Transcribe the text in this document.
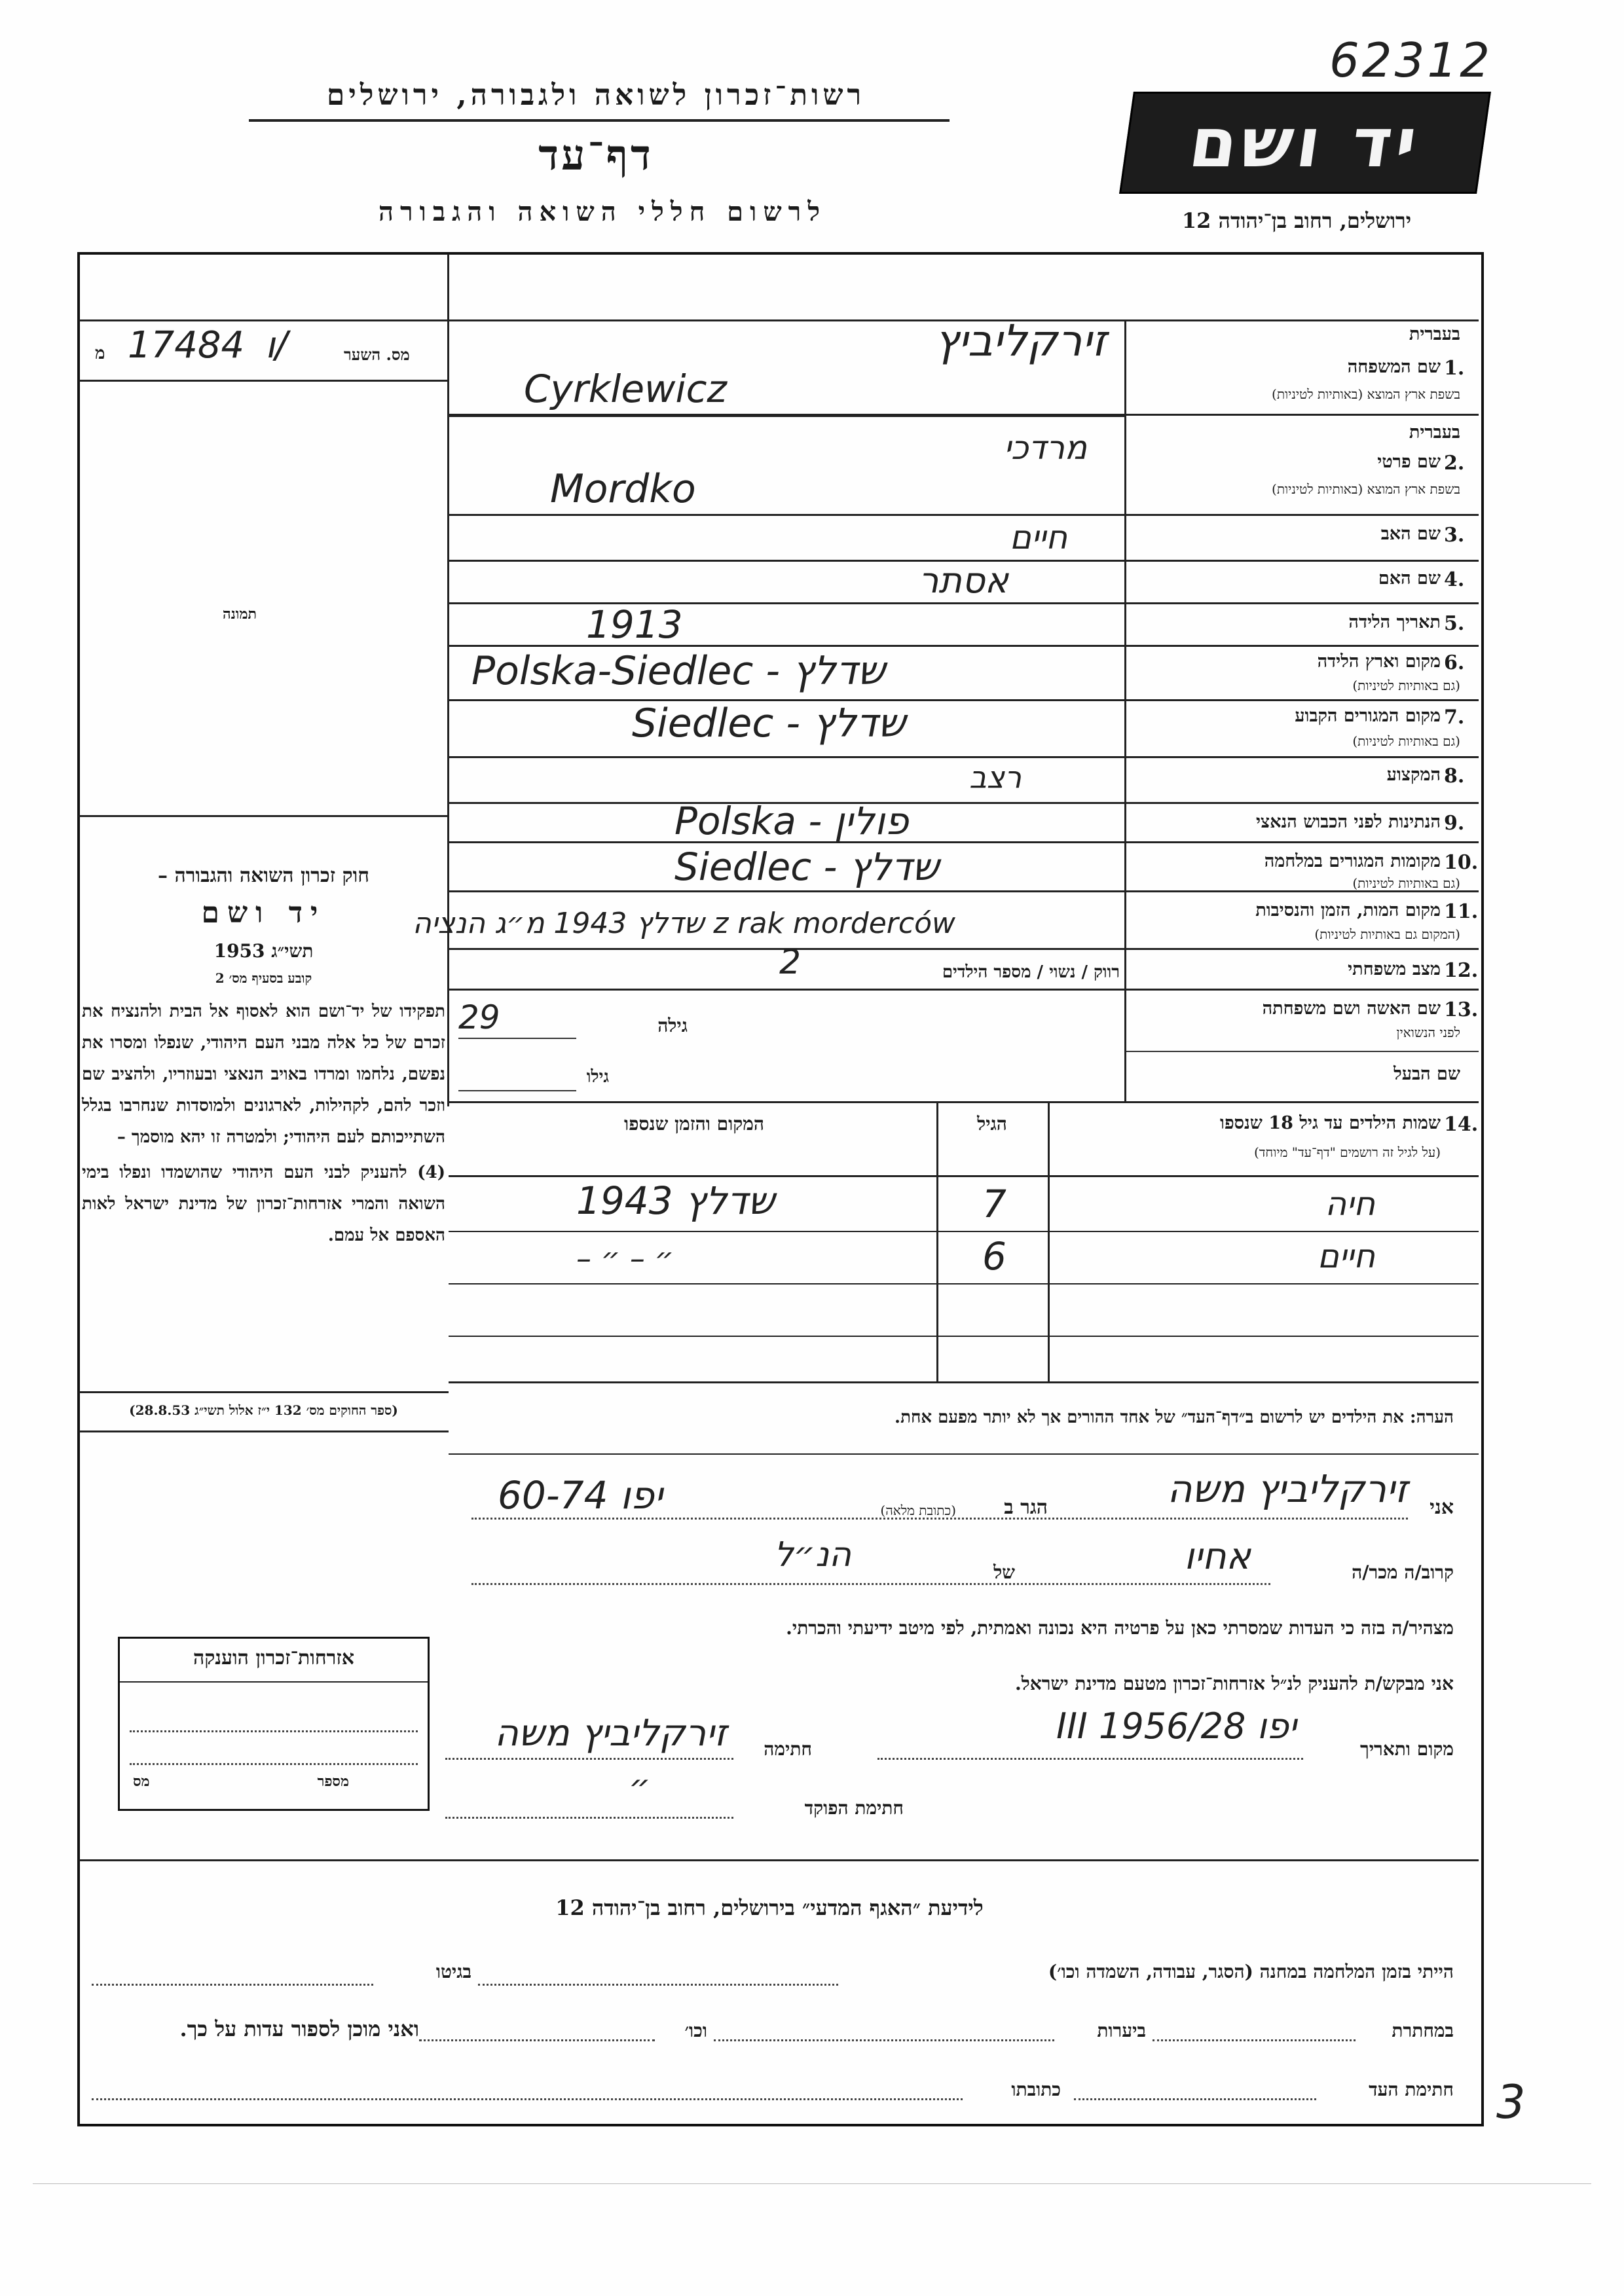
62312
רשות־זכרון לשואה ולגבורה, ירושלים
דף־עד
לרשום חללי השואה והגבורה
יד ושם
ירושלים, רחוב בן־יהודה 12
מ 17484 ו/	מס. השער
תמונה

חוק זכרון השואה והגבורה –

יד ושם

תשי״ג 1953

קובע בסעיף מס׳ 2

תפקידו של יד־ושם הוא לאסוף אל הבית ולהנציח את זכרם של כל אלה מבני העם היהודי, שנפלו ומסרו את נפשם, נלחמו ומרדו באויב הנאצי ובעוזריו, ולהציב שם וזכר להם, לקהילות, לארגונים ולמוסדות שנחרבו בגלל השתייכותם לעם היהודי; ולמטרה זו יהא מוסמך –

(4) להעניק לבני העם היהודי שהושמדו ונפלו בימי השואה והמרי אזרחות־זכרון של מדינת ישראל לאות האספם אל עמם.

(ספר החוקים מס׳ 132 י״ז אלול תשי״ג 28.8.53)
בעברית
שם המשפחה 1.
בשפת ארץ המוצא (באותיות לטיניות)
זירקליביץ
Cyrklewicz
בעברית
שם פרטי 2.
בשפת ארץ המוצא (באותיות לטיניות)
מרדכי
Mordko
שם האב 3.
חיים
שם האם 4.
אסתר
תאריך הלידה 5.
1913
מקום וארץ הלידה 6.
(גם באותיות לטיניות)
Polska-Siedlec - שדלץ
מקום המגורים הקבוע 7.
(גם באותיות לטיניות)
Siedlec - שדלץ
המקצוע 8.
רצב
הנתינות לפני הכבוש הנאצי 9.
Polska - פולין
מקומות המגורים במלחמה 10.
(גם באותיות לטיניות)
Siedlec - שדלץ
מקום המות, הזמן והנסיבות 11.
(המקום גם באותיות לטיניות)
שדלץ 1943 מ״ג הנציה z rak morderców
מצב משפחתי 12.
רווק / נשוי / מספר הילדים
2
שם האשה ושם משפחתה 13.
לפני הנשואין
גילה
29
שם הבעל
גילו
14.
שמות הילדים עד גיל 18 שנספו
(על לגיל זה רושמים "דף־עד" מיוחד)
הגיל
המקום והזמן שנספו
חיה
7
שדלץ 1943
חיים
6
– ״ – ״
הערה: את הילדים יש לרשום ב״דף־העד״ של אחד ההורים אך לא יותר מפעם אחת.
אני
זירקליביץ משה
הגר ב
(כתובת מלאה)
יפו 60-74
קרוב/ה מכר/ה
אחיו
של
הנ״ל
מצהיר/ה בזה כי העדות שמסרתי כאן על פרטיה היא נכונה ואמתית, לפי מיטב ידיעתי והכרתי.
אני מבקש/ת להעניק לנ״ל אזרחות־זכרון מטעם מדינת ישראל.
מקום ותאריך
יפו 28/III 1956
חתימה
זירקליביץ משה
חתימת הפוקד
״
אזרחות־זכרון הוענקה
מספר
מס
לידיעת ״האגף המדעי״ בירושלים, רחוב בן־יהודה 12
הייתי בזמן המלחמה במחנה (הסגר, עבודה, השמדה וכו׳)
בגיטו
במחתרת
ביערות
וכו׳
ואני מוכן לספור עדות על כך.
חתימת העד
כתובתו	3
